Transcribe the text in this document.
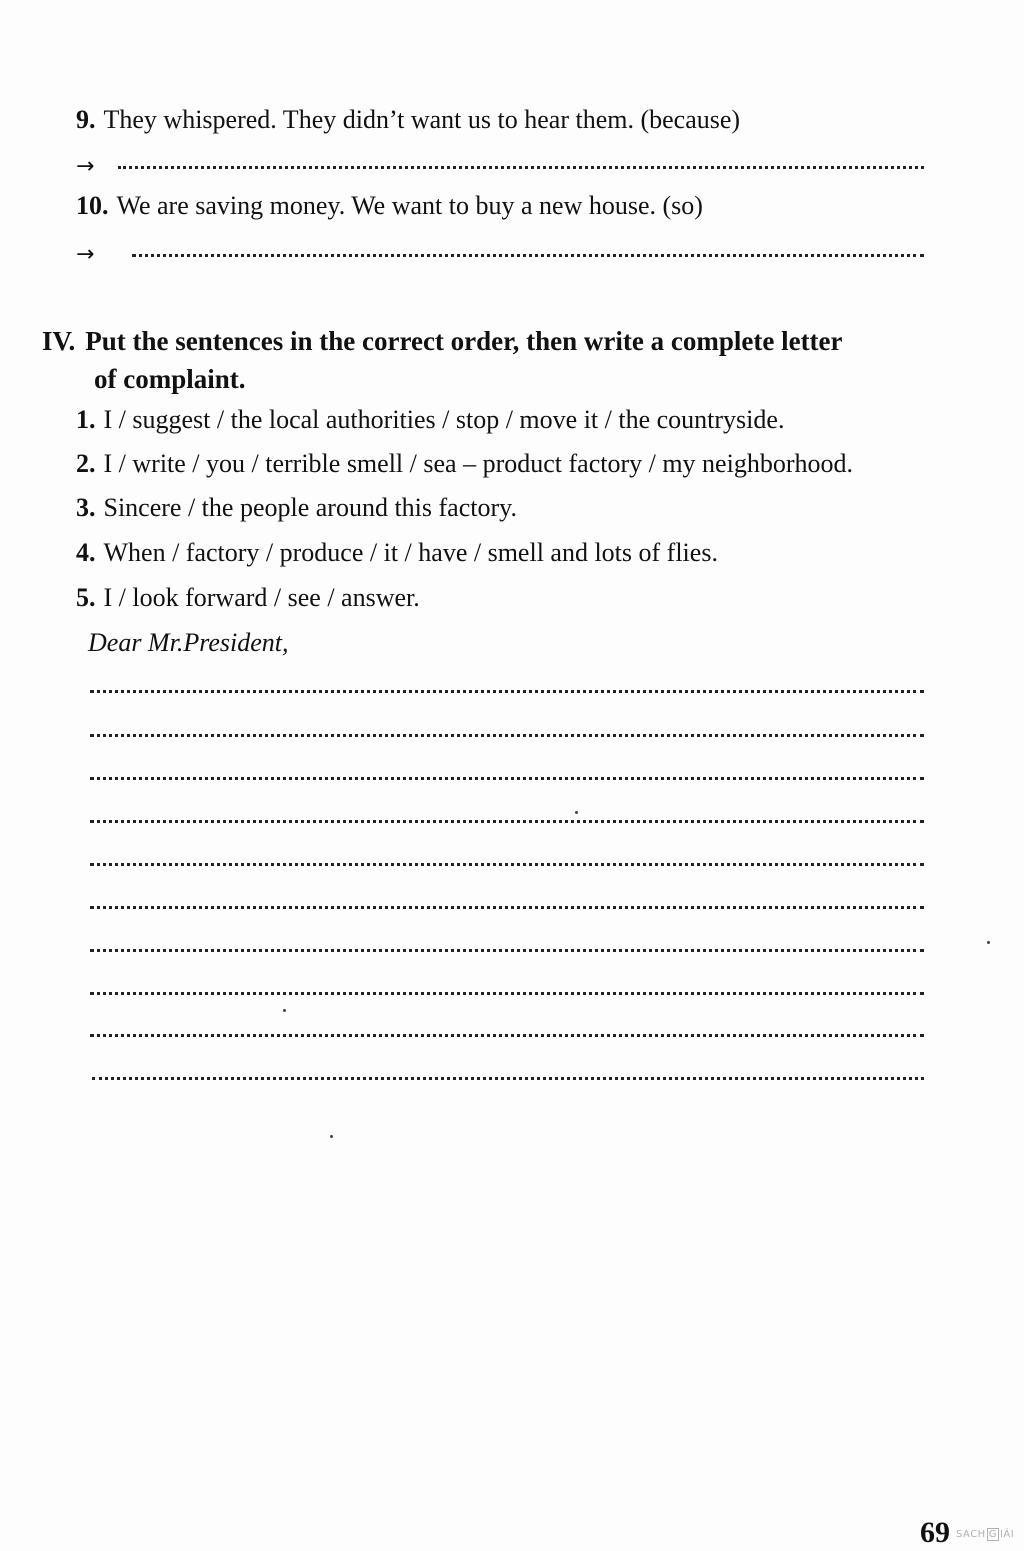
9. They whispered. They didn’t want us to hear them. (because)
→
10. We are saving money. We want to buy a new house. (so)
→
IV. Put the sentences in the correct order, then write a complete letter
of complaint.
1. I / suggest / the local authorities / stop / move it / the countryside.
2. I / write / you / terrible smell / sea – product factory / my neighborhood.
3. Sincere / the people around this factory.
4. When / factory / produce / it / have / smell and lots of flies.
5. I / look forward / see / answer.
Dear Mr.President,
69 SACH G IÁI
